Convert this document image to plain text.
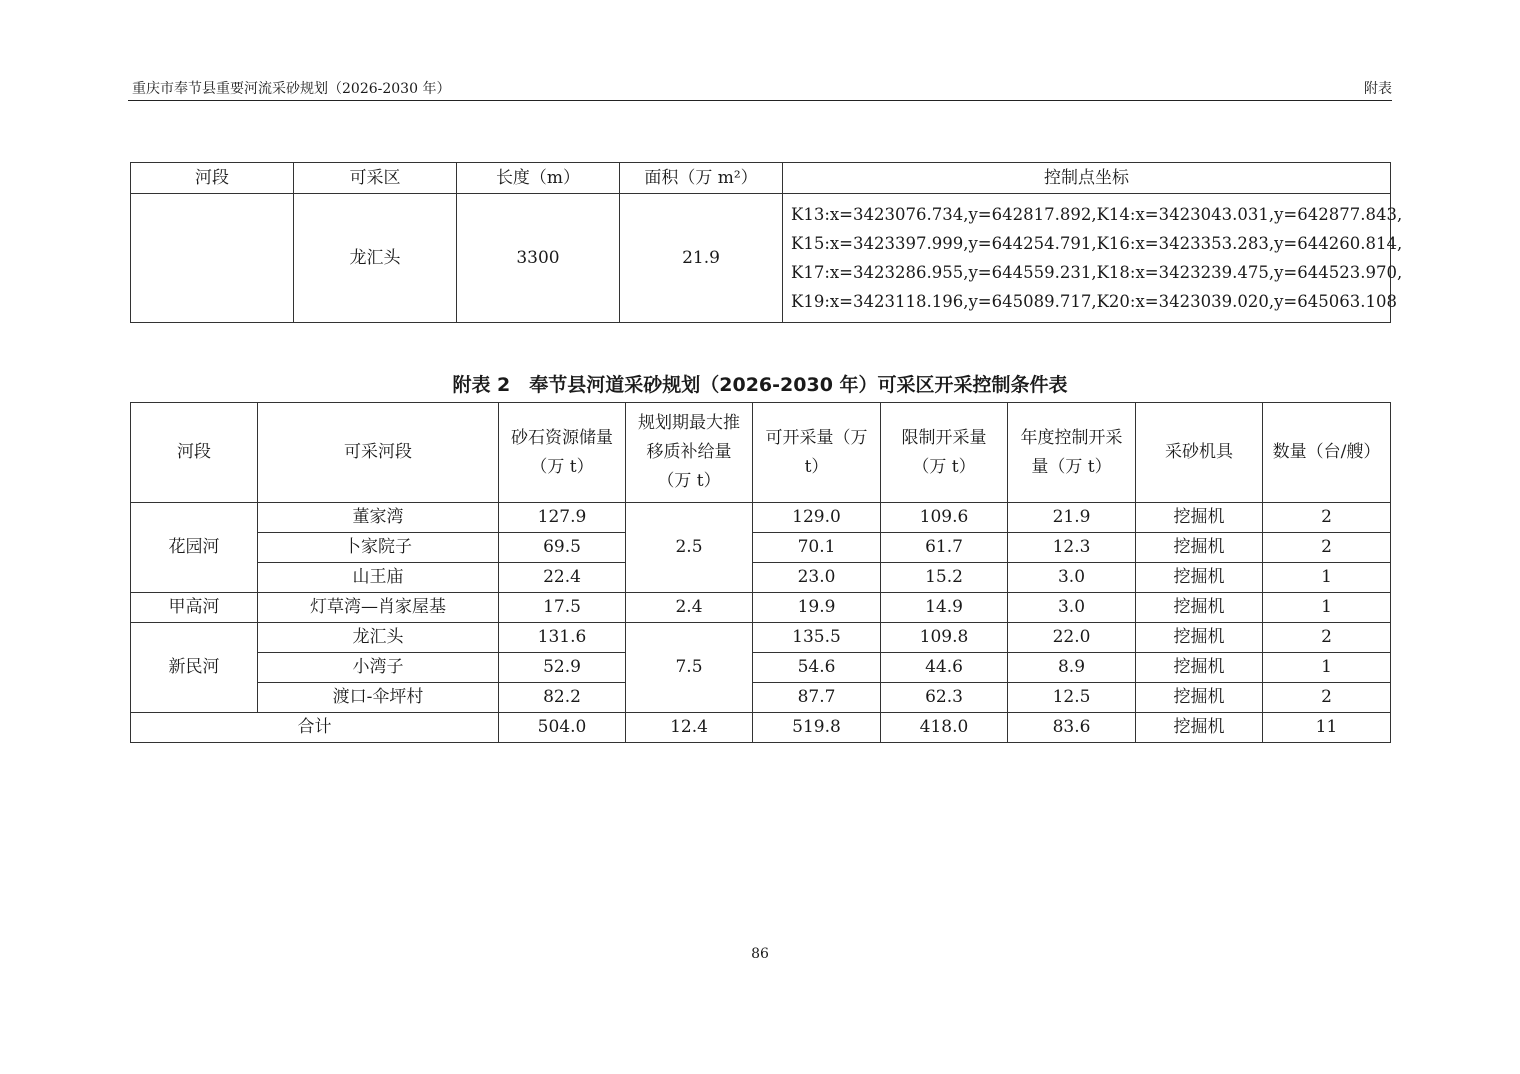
重庆市奉节县重要河流采砂规划（2026-2030 年）	附表
河段	可采区	长度（m）	面积（万 m²）	控制点坐标
	龙汇头	3300	21.9	K13:x=3423076.734,y=642817.892,K14:x=3423043.031,y=642877.843,
K15:x=3423397.999,y=644254.791,K16:x=3423353.283,y=644260.814,
K17:x=3423286.955,y=644559.231,K18:x=3423239.475,y=644523.970,
K19:x=3423118.196,y=645089.717,K20:x=3423039.020,y=645063.108
附表 2　奉节县河道采砂规划（2026-2030 年）可采区开采控制条件表
河段	可采河段	砂石资源储量（万 t）	规划期最大推移质补给量（万 t）	可开采量（万 t）	限制开采量（万 t）	年度控制开采量（万 t）	采砂机具	数量（台/艘）
花园河	董家湾	127.9	2.5	129.0	109.6	21.9	挖掘机	2
	卜家院子	69.5		70.1	61.7	12.3	挖掘机	2
	山王庙	22.4		23.0	15.2	3.0	挖掘机	1
甲高河	灯草湾—肖家屋基	17.5	2.4	19.9	14.9	3.0	挖掘机	1
新民河	龙汇头	131.6	7.5	135.5	109.8	22.0	挖掘机	2
	小湾子	52.9		54.6	44.6	8.9	挖掘机	1
	渡口-伞坪村	82.2		87.7	62.3	12.5	挖掘机	2
合计		504.0	12.4	519.8	418.0	83.6	挖掘机	11
86
